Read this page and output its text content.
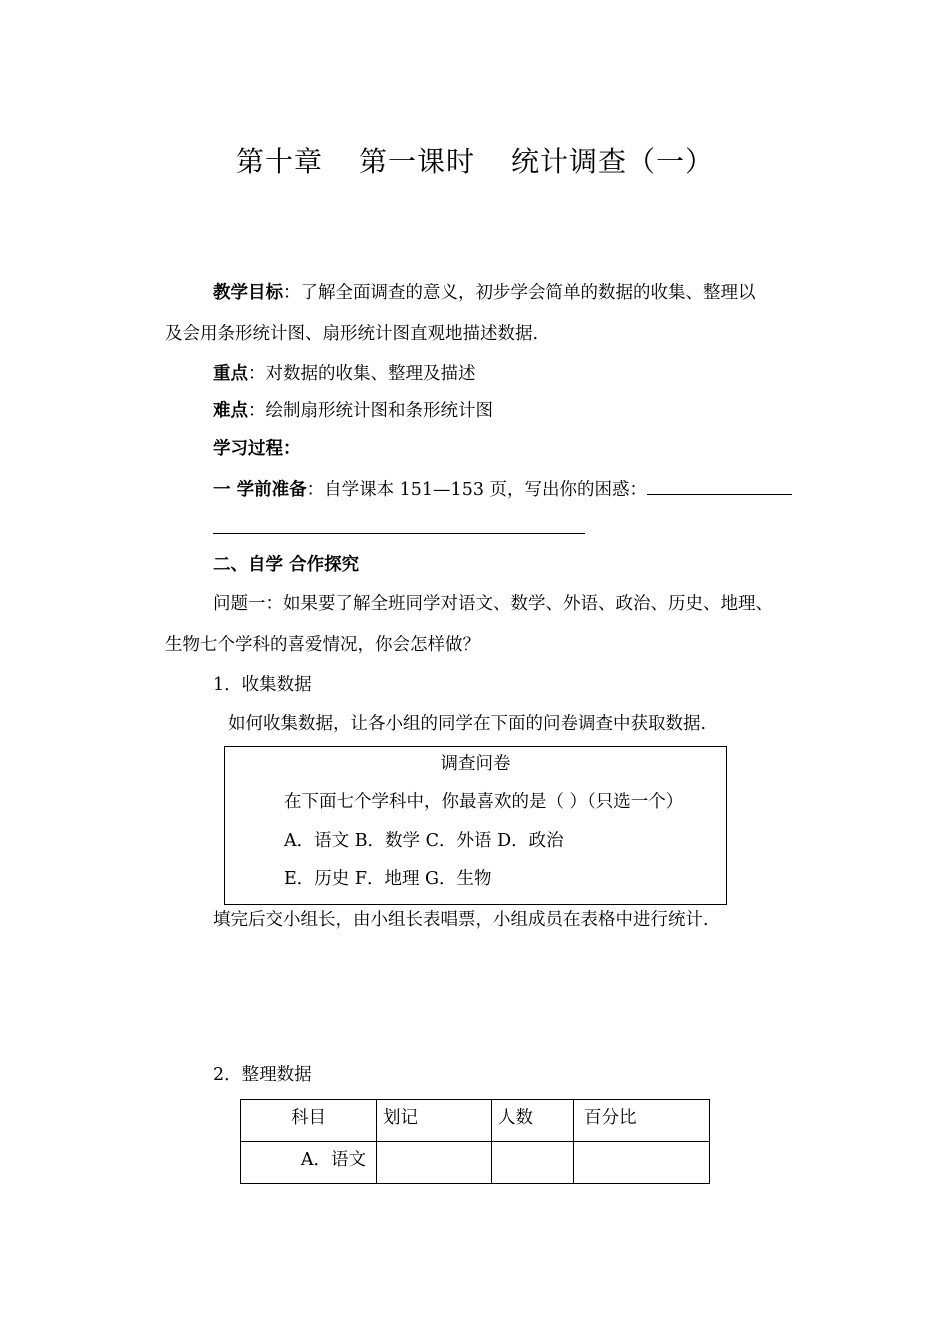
第十章 第一课时 统计调查（一）
教学目标：了解全面调查的意义，初步学会简单的数据的收集、整理以
及会用条形统计图、扇形统计图直观地描述数据.
重点：对数据的收集、整理及描述
难点：绘制扇形统计图和条形统计图
学习过程：
一 学前准备：自学课本 151—153 页，写出你的困惑：
二、自学 合作探究
问题一：如果要了解全班同学对语文、数学、外语、政治、历史、地理、
生物七个学科的喜爱情况，你会怎样做？
1．收集数据
如何收集数据，让各小组的同学在下面的问卷调查中获取数据.
调查问卷
在下面七个学科中，你最喜欢的是（ ）（只选一个）
A．语文 B．数学 C．外语 D．政治
E．历史 F．地理 G．生物
填完后交小组长，由小组长表唱票，小组成员在表格中进行统计.
2．整理数据
科目	划记	人数	百分比
A．语文			
